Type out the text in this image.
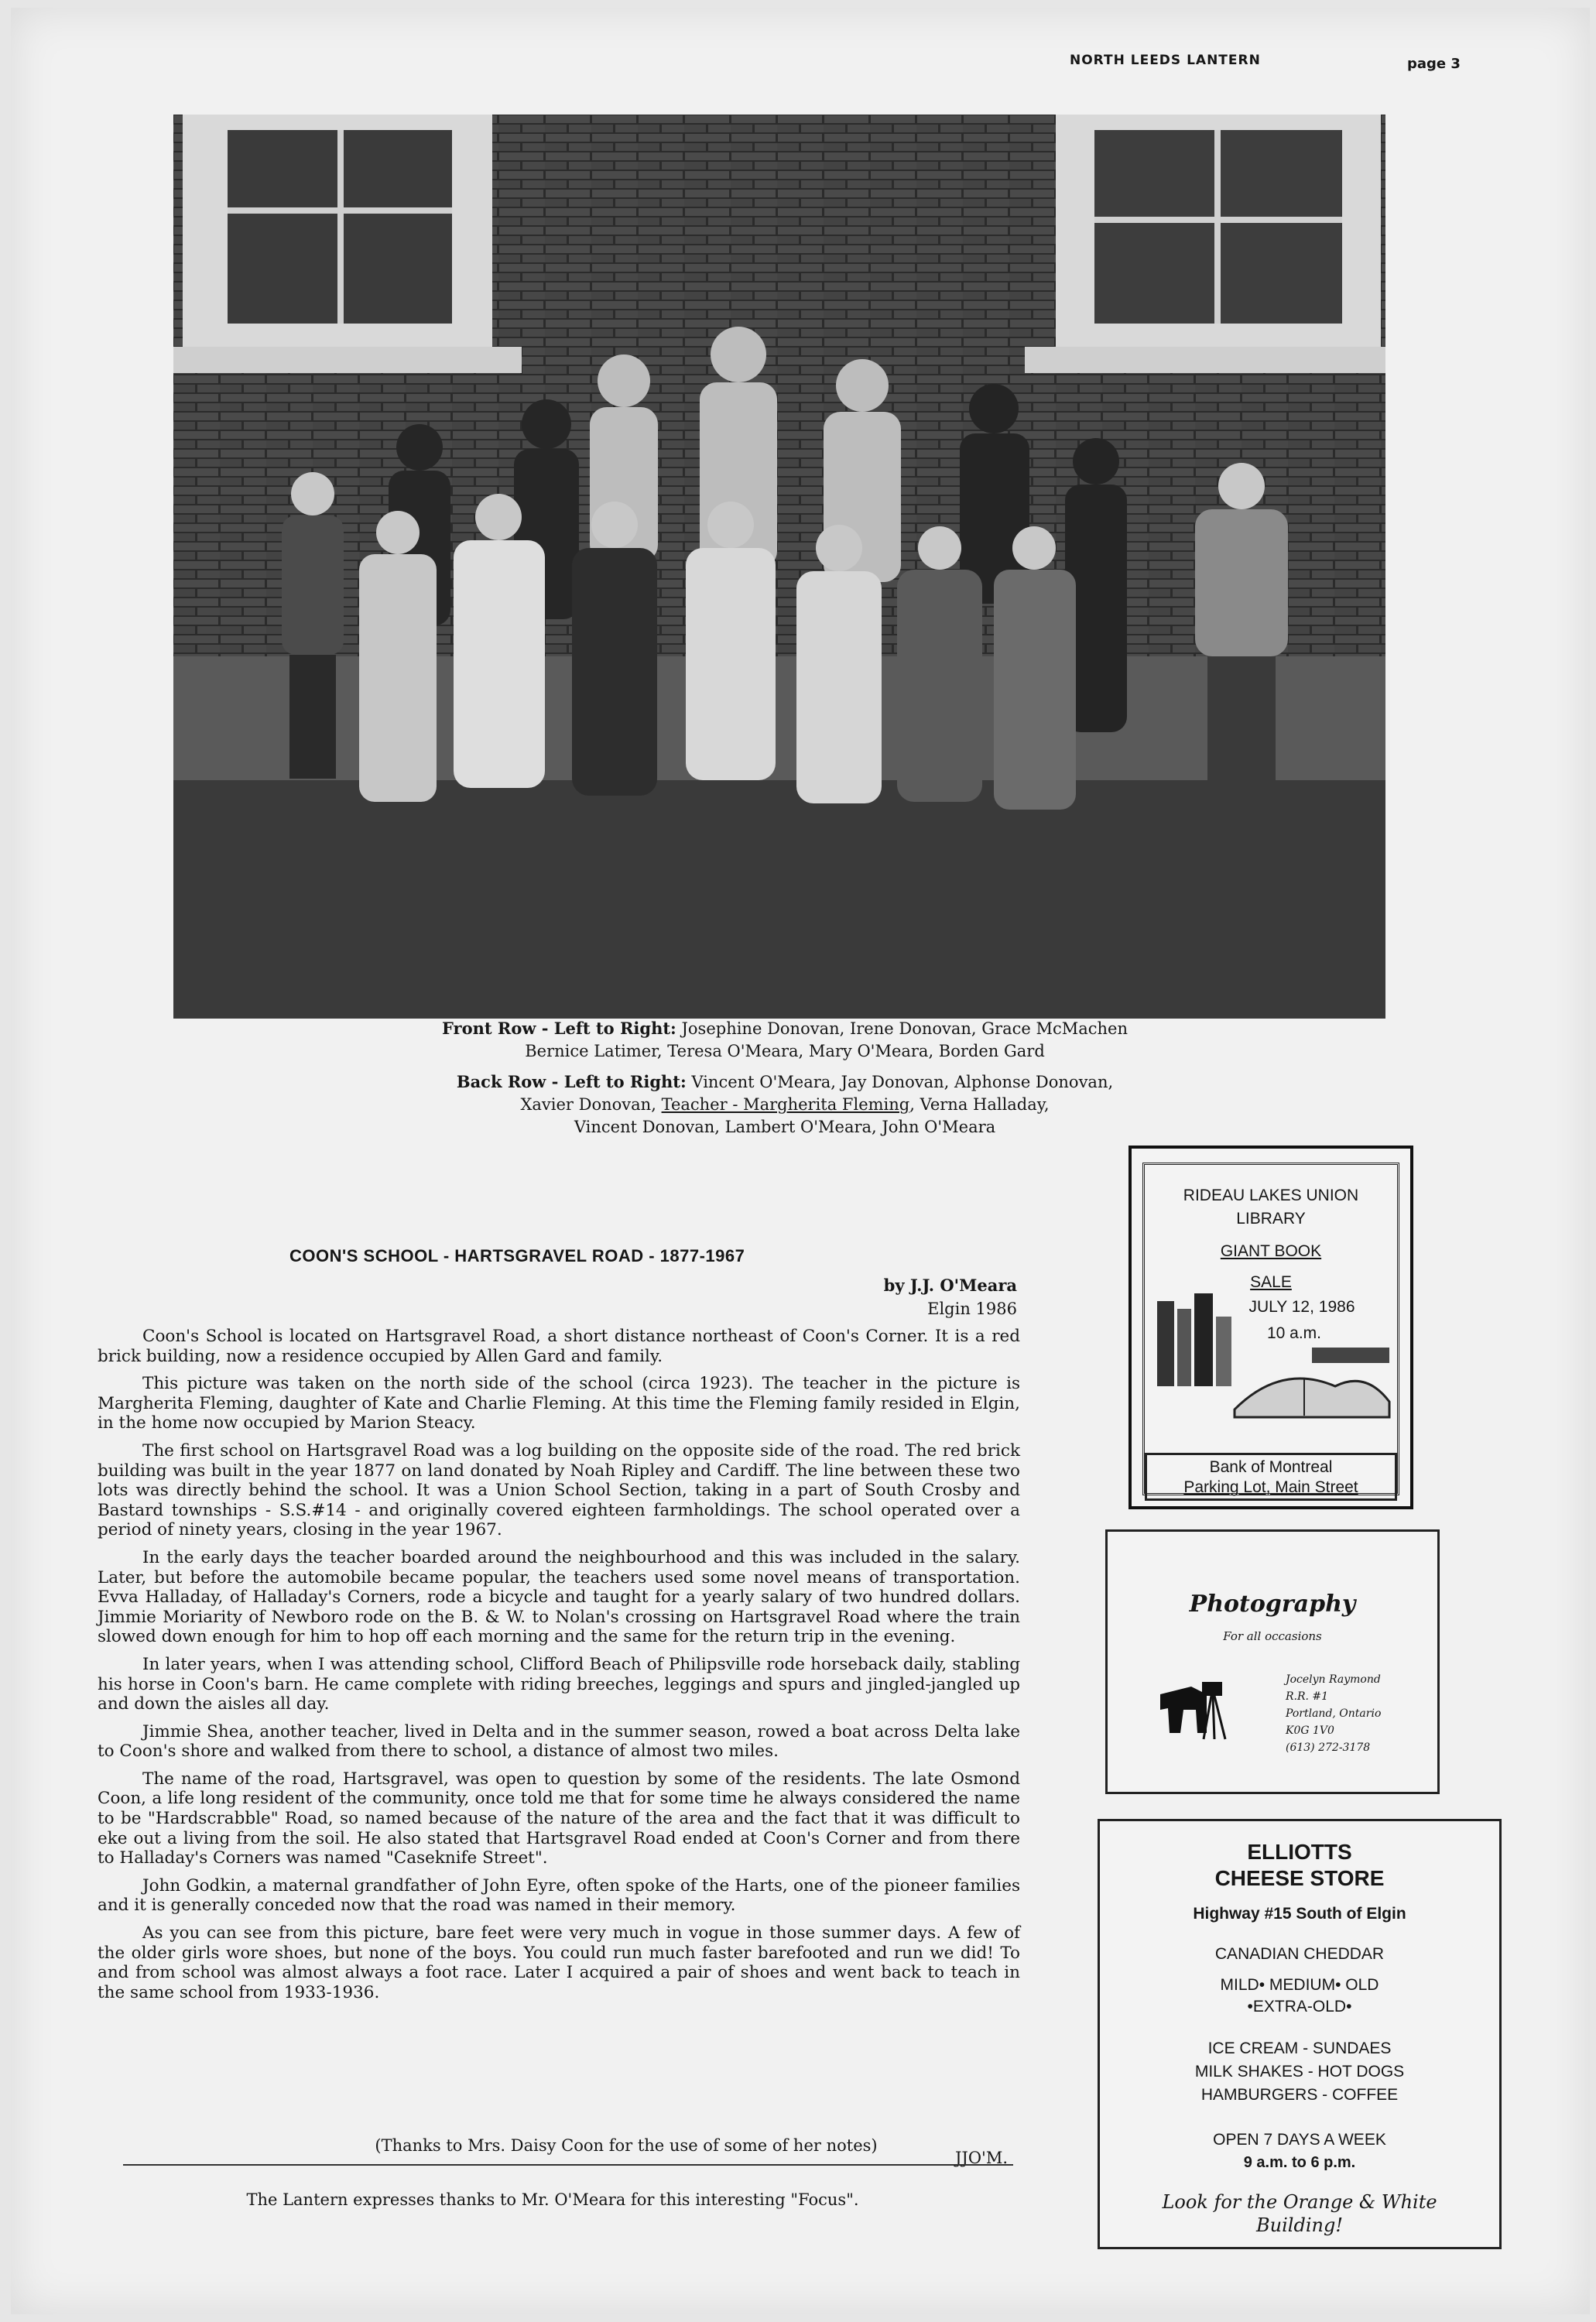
NORTH LEEDS LANTERN	page 3

Front Row - Left to Right: Josephine Donovan, Irene Donovan, Grace McMachen

Bernice Latimer, Teresa O'Meara, Mary O'Meara, Borden Gard

Back Row - Left to Right: Vincent O'Meara, Jay Donovan, Alphonse Donovan,

Xavier Donovan, Teacher - Margherita Fleming, Verna Halladay,

Vincent Donovan, Lambert O'Meara, John O'Meara

COON'S SCHOOL - HARTSGRAVEL ROAD - 1877-1967
by J.J. O'Meara
Elgin 1986

Coon's School is located on Hartsgravel Road, a short distance northeast of Coon's Corner. It is a red brick building, now a residence occupied by Allen Gard and family.

This picture was taken on the north side of the school (circa 1923). The teacher in the picture is Margherita Fleming, daughter of Kate and Charlie Fleming. At this time the Fleming family resided in Elgin, in the home now occupied by Marion Steacy.

The first school on Hartsgravel Road was a log building on the opposite side of the road. The red brick building was built in the year 1877 on land donated by Noah Ripley and Cardiff. The line between these two lots was directly behind the school. It was a Union School Section, taking in a part of South Crosby and Bastard townships - S.S.#14 - and originally covered eighteen farmholdings. The school operated over a period of ninety years, closing in the year 1967.

In the early days the teacher boarded around the neighbourhood and this was included in the salary. Later, but before the automobile became popular, the teachers used some novel means of transportation. Evva Halladay, of Halladay's Corners, rode a bicycle and taught for a yearly salary of two hundred dollars. Jimmie Moriarity of Newboro rode on the B. & W. to Nolan's crossing on Hartsgravel Road where the train slowed down enough for him to hop off each morning and the same for the return trip in the evening.

In later years, when I was attending school, Clifford Beach of Philipsville rode horseback daily, stabling his horse in Coon's barn. He came complete with riding breeches, leggings and spurs and jingled-jangled up and down the aisles all day.

Jimmie Shea, another teacher, lived in Delta and in the summer season, rowed a boat across Delta lake to Coon's shore and walked from there to school, a distance of almost two miles.

The name of the road, Hartsgravel, was open to question by some of the residents. The late Osmond Coon, a life long resident of the community, once told me that for some time he always considered the name to be "Hardscrabble" Road, so named because of the nature of the area and the fact that it was difficult to eke out a living from the soil. He also stated that Hartsgravel Road ended at Coon's Corner and from there to Halladay's Corners was named "Caseknife Street".

John Godkin, a maternal grandfather of John Eyre, often spoke of the Harts, one of the pioneer families and it is generally conceded now that the road was named in their memory.

As you can see from this picture, bare feet were very much in vogue in those summer days. A few of the older girls wore shoes, but none of the boys. You could run much faster barefooted and run we did! To and from school was almost always a foot race. Later I acquired a pair of shoes and went back to teach in the same school from 1933-1936.

JJO'M.
(Thanks to Mrs. Daisy Coon for the use of some of her notes)
The Lantern expresses thanks to Mr. O'Meara for this interesting "Focus".
RIDEAU LAKES UNION
LIBRARY
GIANT BOOK
SALE
JULY 12, 1986
10 a.m.
Bank of Montreal
Parking Lot, Main Street
Photography
For all occasions
Jocelyn Raymond
R.R. #1
Portland, Ontario
K0G 1V0
(613) 272-3178
ELLIOTTS
CHEESE STORE
Highway #15 South of Elgin
CANADIAN CHEDDAR
MILD• MEDIUM• OLD
•EXTRA-OLD•
ICE CREAM - SUNDAES
MILK SHAKES - HOT DOGS
HAMBURGERS - COFFEE
OPEN 7 DAYS A WEEK
9 a.m. to 6 p.m.
Look for the Orange & White
Building!
